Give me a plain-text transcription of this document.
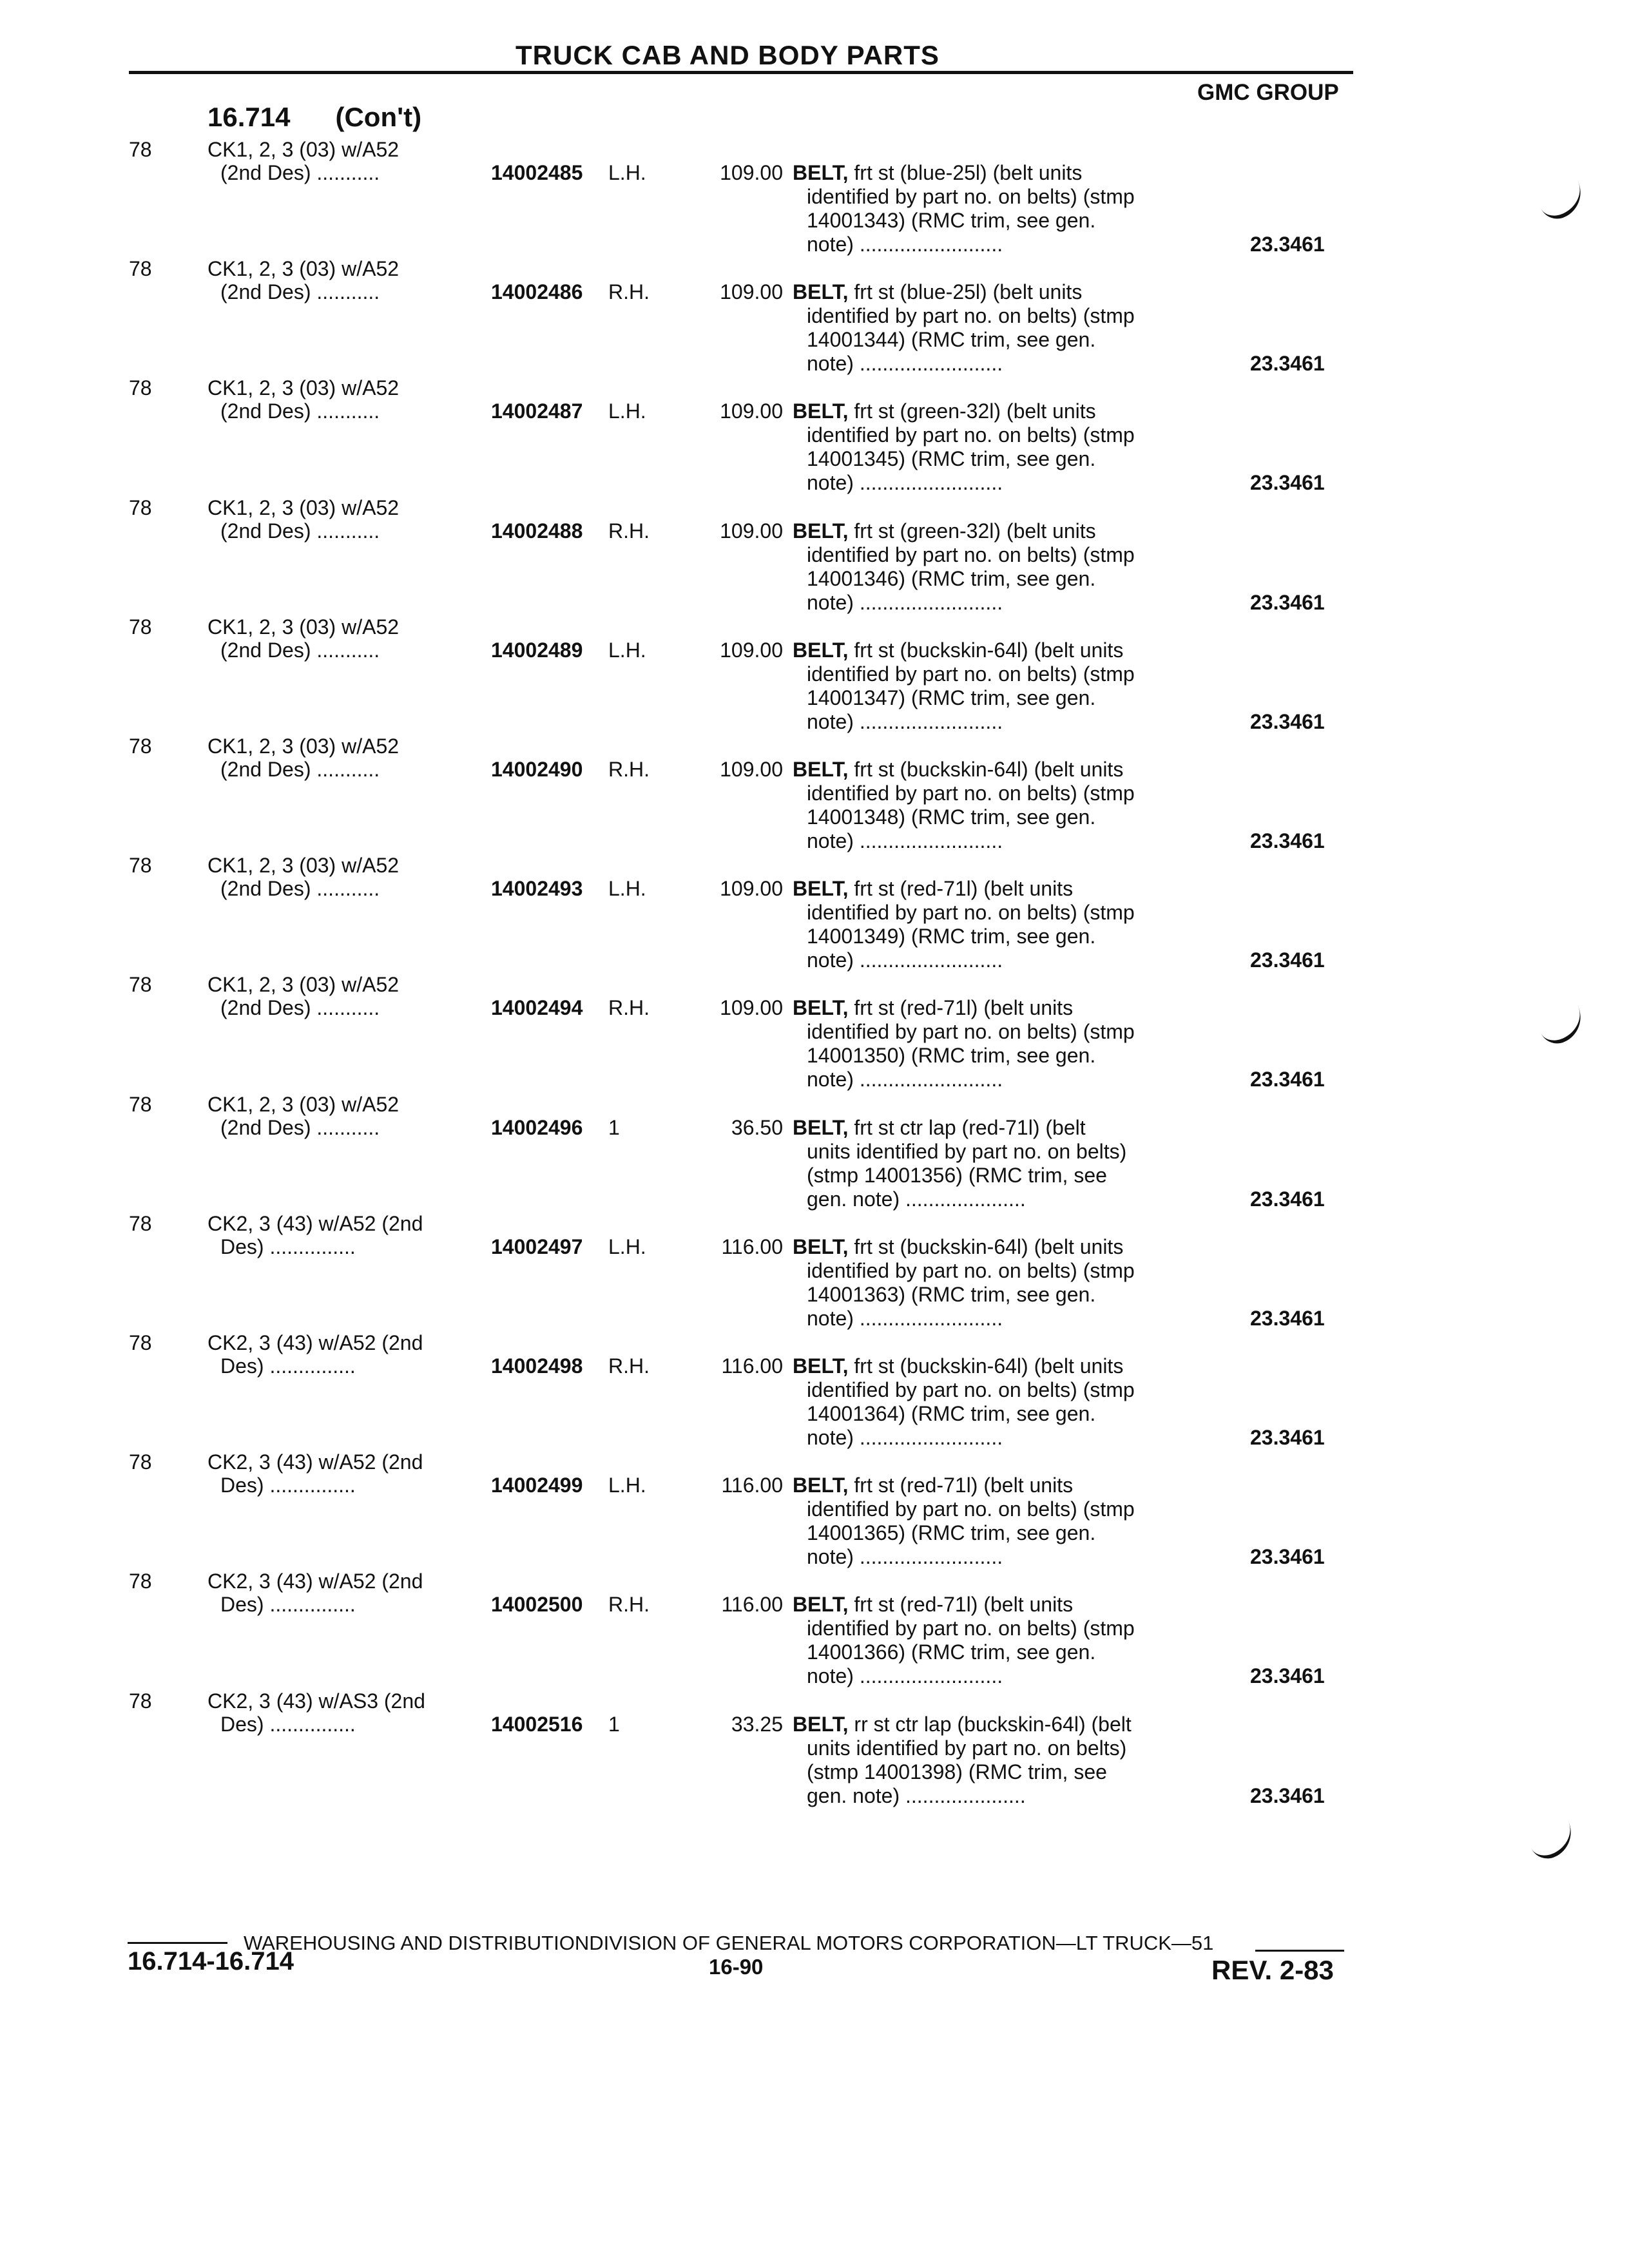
TRUCK CAB AND BODY PARTS
GMC GROUP
16.714 (Con't)
78	CK1, 2, 3 (03) w/A52
(2nd Des) ...........	14002485 L.H.	109.00 BELT, frt st (blue-25l) (belt units
identified by part no. on belts) (stmp
14001343) (RMC trim, see gen.
note) .........................	23.3461
78	CK1, 2, 3 (03) w/A52
(2nd Des) ...........	14002486 R.H.	109.00 BELT, frt st (blue-25l) (belt units
identified by part no. on belts) (stmp
14001344) (RMC trim, see gen.
note) .........................	23.3461
78	CK1, 2, 3 (03) w/A52
(2nd Des) ...........	14002487 L.H.	109.00 BELT, frt st (green-32l) (belt units
identified by part no. on belts) (stmp
14001345) (RMC trim, see gen.
note) .........................	23.3461
78	CK1, 2, 3 (03) w/A52
(2nd Des) ...........	14002488 R.H.	109.00 BELT, frt st (green-32l) (belt units
identified by part no. on belts) (stmp
14001346) (RMC trim, see gen.
note) .........................	23.3461
78	CK1, 2, 3 (03) w/A52
(2nd Des) ...........	14002489 L.H.	109.00 BELT, frt st (buckskin-64l) (belt units
identified by part no. on belts) (stmp
14001347) (RMC trim, see gen.
note) .........................	23.3461
78	CK1, 2, 3 (03) w/A52
(2nd Des) ...........	14002490 R.H.	109.00 BELT, frt st (buckskin-64l) (belt units
identified by part no. on belts) (stmp
14001348) (RMC trim, see gen.
note) .........................	23.3461
78	CK1, 2, 3 (03) w/A52
(2nd Des) ...........	14002493 L.H.	109.00 BELT, frt st (red-71l) (belt units
identified by part no. on belts) (stmp
14001349) (RMC trim, see gen.
note) .........................	23.3461
78	CK1, 2, 3 (03) w/A52
(2nd Des) ...........	14002494 R.H.	109.00 BELT, frt st (red-71l) (belt units
identified by part no. on belts) (stmp
14001350) (RMC trim, see gen.
note) .........................	23.3461
78	CK1, 2, 3 (03) w/A52
(2nd Des) ...........	14002496 1	36.50 BELT, frt st ctr lap (red-71l) (belt
units identified by part no. on belts)
(stmp 14001356) (RMC trim, see
gen. note) .....................	23.3461
78	CK2, 3 (43) w/A52 (2nd
Des) ...............	14002497 L.H.	116.00 BELT, frt st (buckskin-64l) (belt units
identified by part no. on belts) (stmp
14001363) (RMC trim, see gen.
note) .........................	23.3461
78	CK2, 3 (43) w/A52 (2nd
Des) ...............	14002498 R.H.	116.00 BELT, frt st (buckskin-64l) (belt units
identified by part no. on belts) (stmp
14001364) (RMC trim, see gen.
note) .........................	23.3461
78	CK2, 3 (43) w/A52 (2nd
Des) ...............	14002499 L.H.	116.00 BELT, frt st (red-71l) (belt units
identified by part no. on belts) (stmp
14001365) (RMC trim, see gen.
note) .........................	23.3461
78	CK2, 3 (43) w/A52 (2nd
Des) ...............	14002500 R.H.	116.00 BELT, frt st (red-71l) (belt units
identified by part no. on belts) (stmp
14001366) (RMC trim, see gen.
note) .........................	23.3461
78	CK2, 3 (43) w/AS3 (2nd
Des) ...............	14002516 1	33.25 BELT, rr st ctr lap (buckskin-64l) (belt
units identified by part no. on belts)
(stmp 14001398) (RMC trim, see
gen. note) .....................	23.3461
WAREHOUSING AND DISTRIBUTIONDIVISION OF GENERAL MOTORS CORPORATION—LT TRUCK—51
16.714-16.714	16-90	REV. 2-83
